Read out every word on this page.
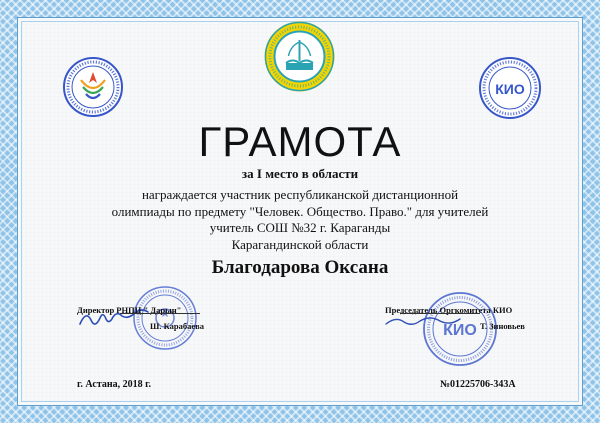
КИО
ГРАМОТА
за I место в области
награждается участник республиканской дистанционной
олимпиады по предмету "Человек. Общество. Право." для учителей
учитель СОШ №32 г. Караганды
Карагандинской области
Благодарова Оксана
Директор РНПЦ " Дарын"
Ш. Карабаева	КИО
Председатель Оргкомитета КИО
Т. Зиновьев
г. Астана, 2018 г.	№01225706-343А
